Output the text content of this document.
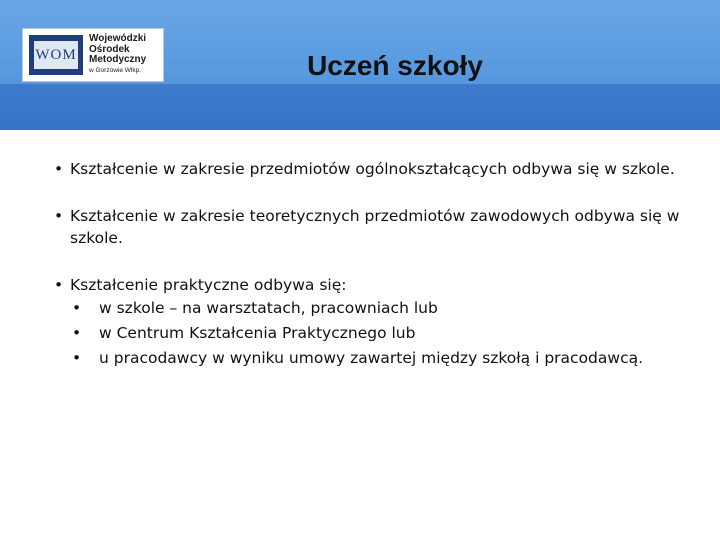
WOM
Wojewódzki
Ośrodek
Metodyczny
w Gorzowie Wlkp.	Uczeń szkoły
• Kształcenie w zakresie przedmiotów ogólnokształcących odbywa się w szkole.
• Kształcenie w zakresie teoretycznych przedmiotów zawodowych odbywa się w szkole.
• Kształcenie praktyczne odbywa się:
• w szkole – na warsztatach, pracowniach lub
• w Centrum Kształcenia Praktycznego lub
• u pracodawcy w wyniku umowy zawartej między szkołą i pracodawcą.
